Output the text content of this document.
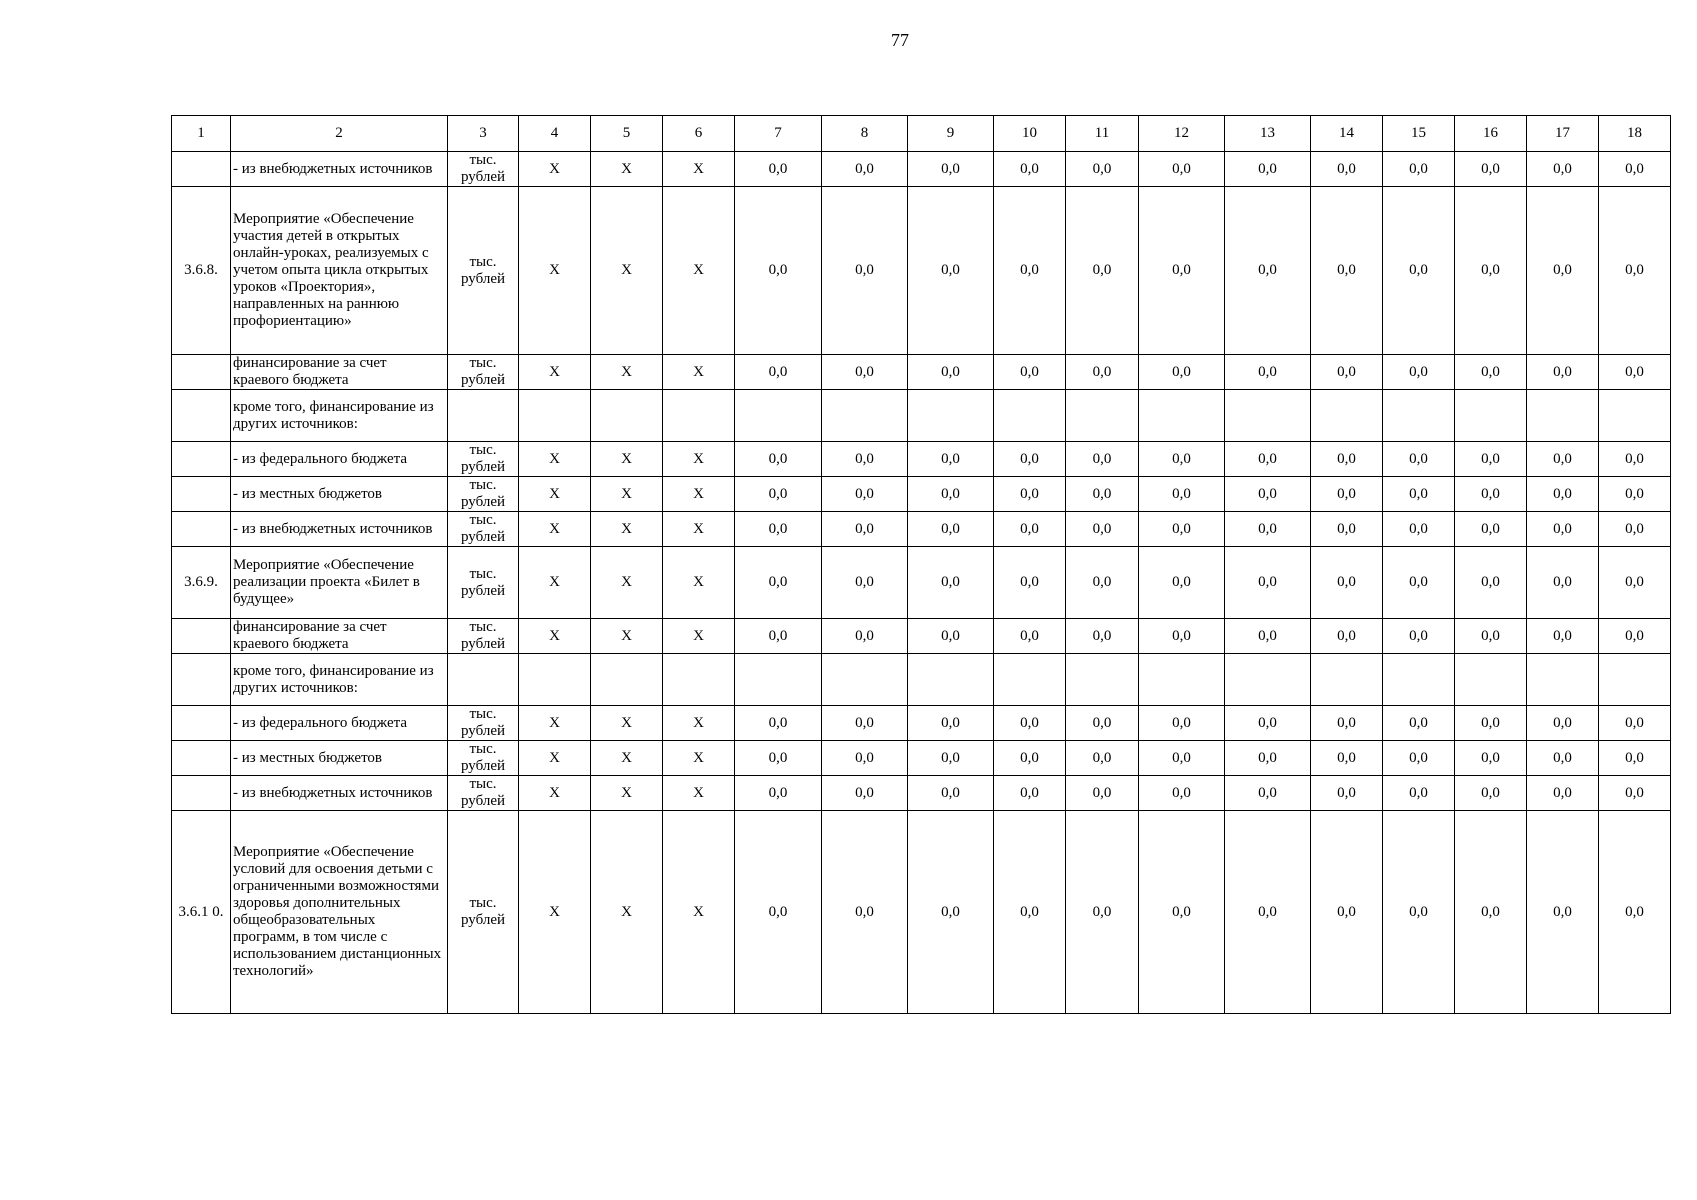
77
1	2	3	4	5	6	7	8	9	10	11	12	13	14	15	16	17	18
	- из внебюджетных источников	тыс. рублей	X	X	X	0,0	0,0	0,0	0,0	0,0	0,0	0,0	0,0	0,0	0,0	0,0	0,0
3.6.8.	Мероприятие «Обеспечение участия детей в открытых онлайн-уроках, реализуемых с учетом опыта цикла открытых уроков «Проектория», направленных на раннюю профориентацию»	тыс. рублей	X	X	X	0,0	0,0	0,0	0,0	0,0	0,0	0,0	0,0	0,0	0,0	0,0	0,0
	финансирование за счет краевого бюджета	тыс. рублей	X	X	X	0,0	0,0	0,0	0,0	0,0	0,0	0,0	0,0	0,0	0,0	0,0	0,0
	кроме того, финансирование из других источников:																
	- из федерального бюджета	тыс. рублей	X	X	X	0,0	0,0	0,0	0,0	0,0	0,0	0,0	0,0	0,0	0,0	0,0	0,0
	- из местных бюджетов	тыс. рублей	X	X	X	0,0	0,0	0,0	0,0	0,0	0,0	0,0	0,0	0,0	0,0	0,0	0,0
	- из внебюджетных источников	тыс. рублей	X	X	X	0,0	0,0	0,0	0,0	0,0	0,0	0,0	0,0	0,0	0,0	0,0	0,0
3.6.9.	Мероприятие «Обеспечение реализации проекта «Билет в будущее»	тыс. рублей	X	X	X	0,0	0,0	0,0	0,0	0,0	0,0	0,0	0,0	0,0	0,0	0,0	0,0
	финансирование за счет краевого бюджета	тыс. рублей	X	X	X	0,0	0,0	0,0	0,0	0,0	0,0	0,0	0,0	0,0	0,0	0,0	0,0
	кроме того, финансирование из других источников:																
	- из федерального бюджета	тыс. рублей	X	X	X	0,0	0,0	0,0	0,0	0,0	0,0	0,0	0,0	0,0	0,0	0,0	0,0
	- из местных бюджетов	тыс. рублей	X	X	X	0,0	0,0	0,0	0,0	0,0	0,0	0,0	0,0	0,0	0,0	0,0	0,0
	- из внебюджетных источников	тыс. рублей	X	X	X	0,0	0,0	0,0	0,0	0,0	0,0	0,0	0,0	0,0	0,0	0,0	0,0
3.6.1 0.	Мероприятие «Обеспечение условий для освоения детьми с ограниченными возможностями здоровья дополнительных общеобразовательных программ, в том числе с использованием дистанционных технологий»	тыс. рублей	X	X	X	0,0	0,0	0,0	0,0	0,0	0,0	0,0	0,0	0,0	0,0	0,0	0,0
